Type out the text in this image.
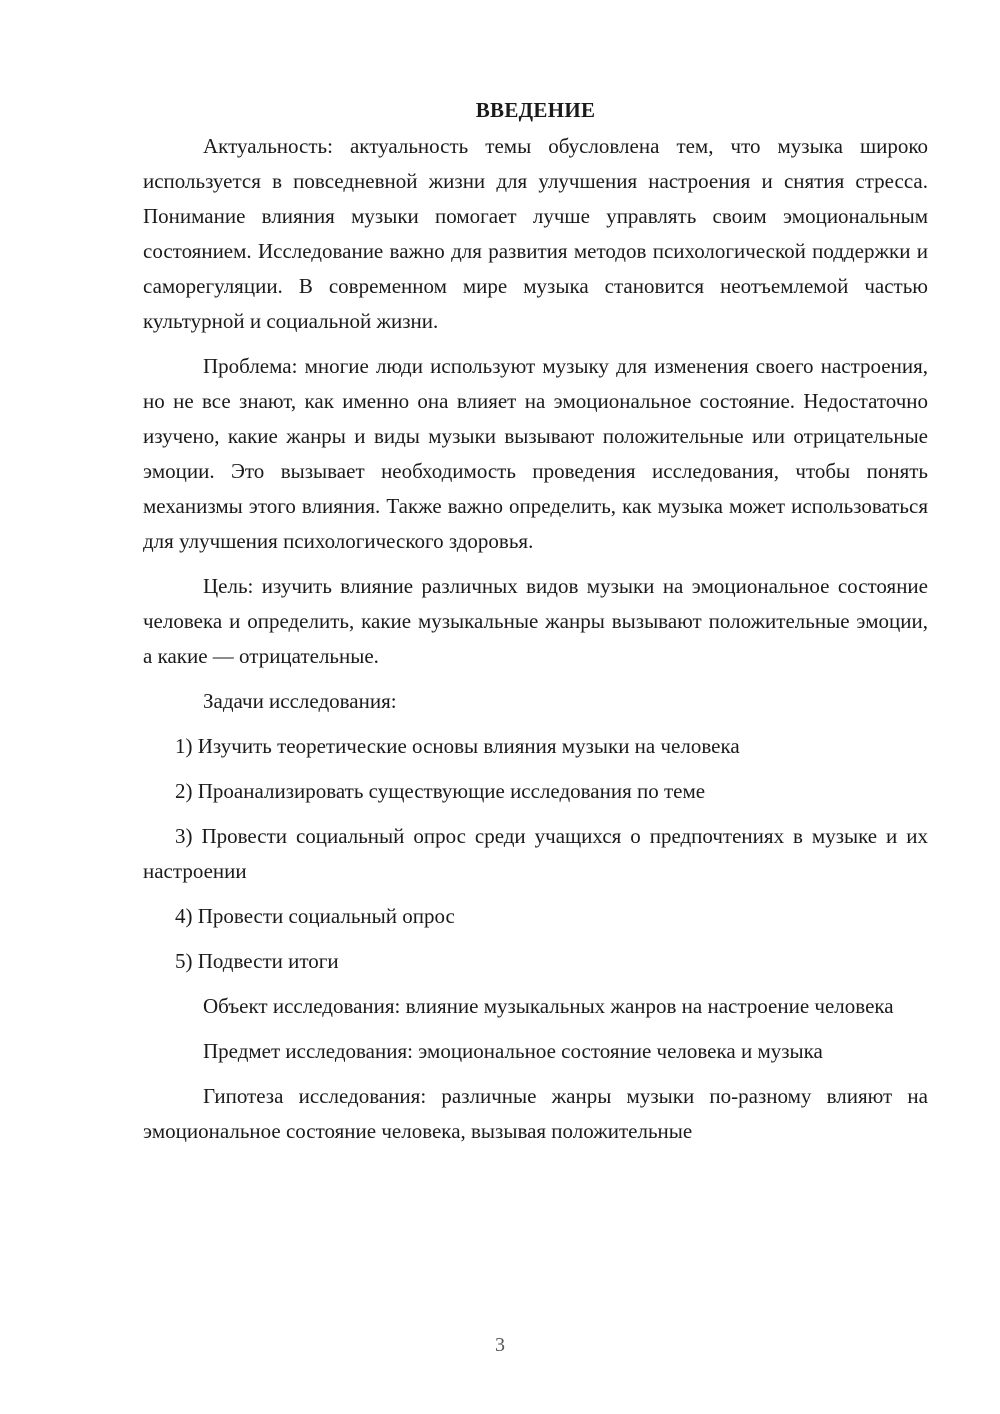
ВВЕДЕНИЕ

Актуальность: актуальность темы обусловлена тем, что музыка широко используется в повседневной жизни для улучшения настроения и снятия стресса. Понимание влияния музыки помогает лучше управлять своим эмоциональным состоянием. Исследование важно для развития методов психологической поддержки и саморегуляции. В современном мире музыка становится неотъемлемой частью культурной и социальной жизни.

Проблема: многие люди используют музыку для изменения своего настроения, но не все знают, как именно она влияет на эмоциональное состояние. Недостаточно изучено, какие жанры и виды музыки вызывают положительные или отрицательные эмоции. Это вызывает необходимость проведения исследования, чтобы понять механизмы этого влияния. Также важно определить, как музыка может использоваться для улучшения психологического здоровья.

Цель: изучить влияние различных видов музыки на эмоциональное состояние человека и определить, какие музыкальные жанры вызывают положительные эмоции, а какие — отрицательные.

Задачи исследования:

1) Изучить теоретические основы влияния музыки на человека

2) Проанализировать существующие исследования по теме

3) Провести социальный опрос среди учащихся о предпочтениях в музыке и их настроении

4) Провести социальный опрос

5) Подвести итоги

Объект исследования: влияние музыкальных жанров на настроение человека

Предмет исследования: эмоциональное состояние человека и музыка

Гипотеза исследования: различные жанры музыки по-разному влияют на эмоциональное состояние человека, вызывая положительные

3
